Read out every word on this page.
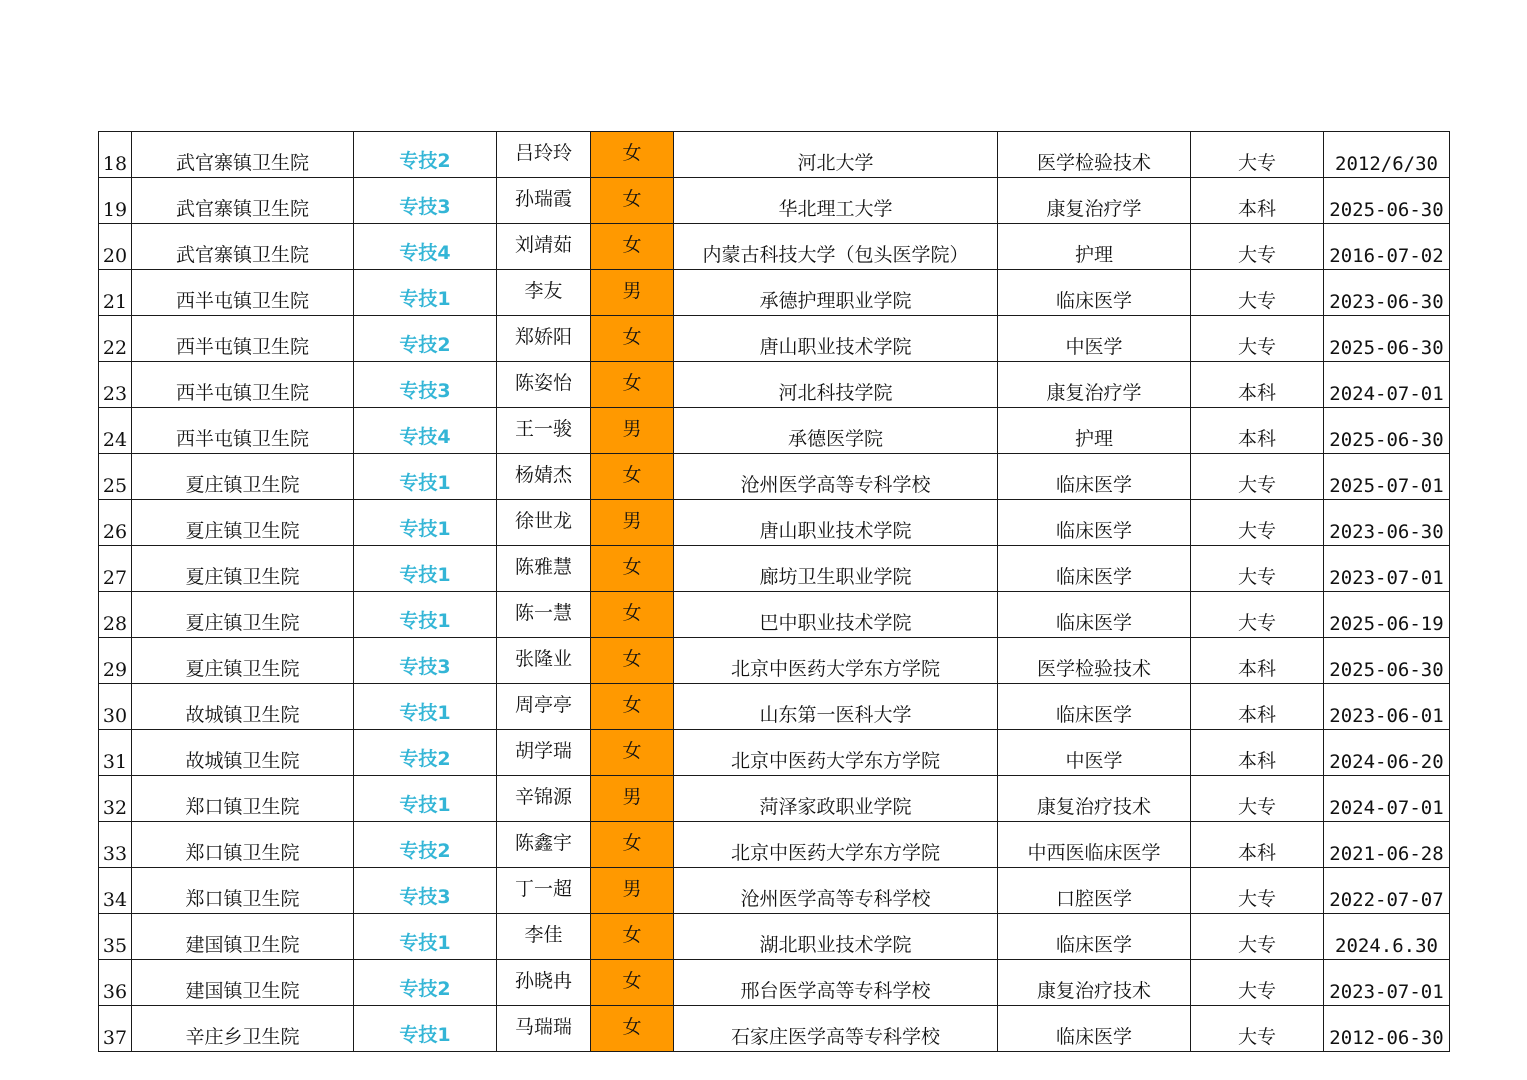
18	武官寨镇卫生院	专技2	吕玲玲	女	河北大学	医学检验技术	大专	2012/6/30
19	武官寨镇卫生院	专技3	孙瑞霞	女	华北理工大学	康复治疗学	本科	2025-06-30
20	武官寨镇卫生院	专技4	刘靖茹	女	内蒙古科技大学（包头医学院）	护理	大专	2016-07-02
21	西半屯镇卫生院	专技1	李友	男	承德护理职业学院	临床医学	大专	2023-06-30
22	西半屯镇卫生院	专技2	郑娇阳	女	唐山职业技术学院	中医学	大专	2025-06-30
23	西半屯镇卫生院	专技3	陈姿怡	女	河北科技学院	康复治疗学	本科	2024-07-01
24	西半屯镇卫生院	专技4	王一骏	男	承德医学院	护理	本科	2025-06-30
25	夏庄镇卫生院	专技1	杨婧杰	女	沧州医学高等专科学校	临床医学	大专	2025-07-01
26	夏庄镇卫生院	专技1	徐世龙	男	唐山职业技术学院	临床医学	大专	2023-06-30
27	夏庄镇卫生院	专技1	陈雅慧	女	廊坊卫生职业学院	临床医学	大专	2023-07-01
28	夏庄镇卫生院	专技1	陈一慧	女	巴中职业技术学院	临床医学	大专	2025-06-19
29	夏庄镇卫生院	专技3	张隆业	女	北京中医药大学东方学院	医学检验技术	本科	2025-06-30
30	故城镇卫生院	专技1	周亭亭	女	山东第一医科大学	临床医学	本科	2023-06-01
31	故城镇卫生院	专技2	胡学瑞	女	北京中医药大学东方学院	中医学	本科	2024-06-20
32	郑口镇卫生院	专技1	辛锦源	男	菏泽家政职业学院	康复治疗技术	大专	2024-07-01
33	郑口镇卫生院	专技2	陈鑫宇	女	北京中医药大学东方学院	中西医临床医学	本科	2021-06-28
34	郑口镇卫生院	专技3	丁一超	男	沧州医学高等专科学校	口腔医学	大专	2022-07-07
35	建国镇卫生院	专技1	李佳	女	湖北职业技术学院	临床医学	大专	2024.6.30
36	建国镇卫生院	专技2	孙晓冉	女	邢台医学高等专科学校	康复治疗技术	大专	2023-07-01
37	辛庄乡卫生院	专技1	马瑞瑞	女	石家庄医学高等专科学校	临床医学	大专	2012-06-30
